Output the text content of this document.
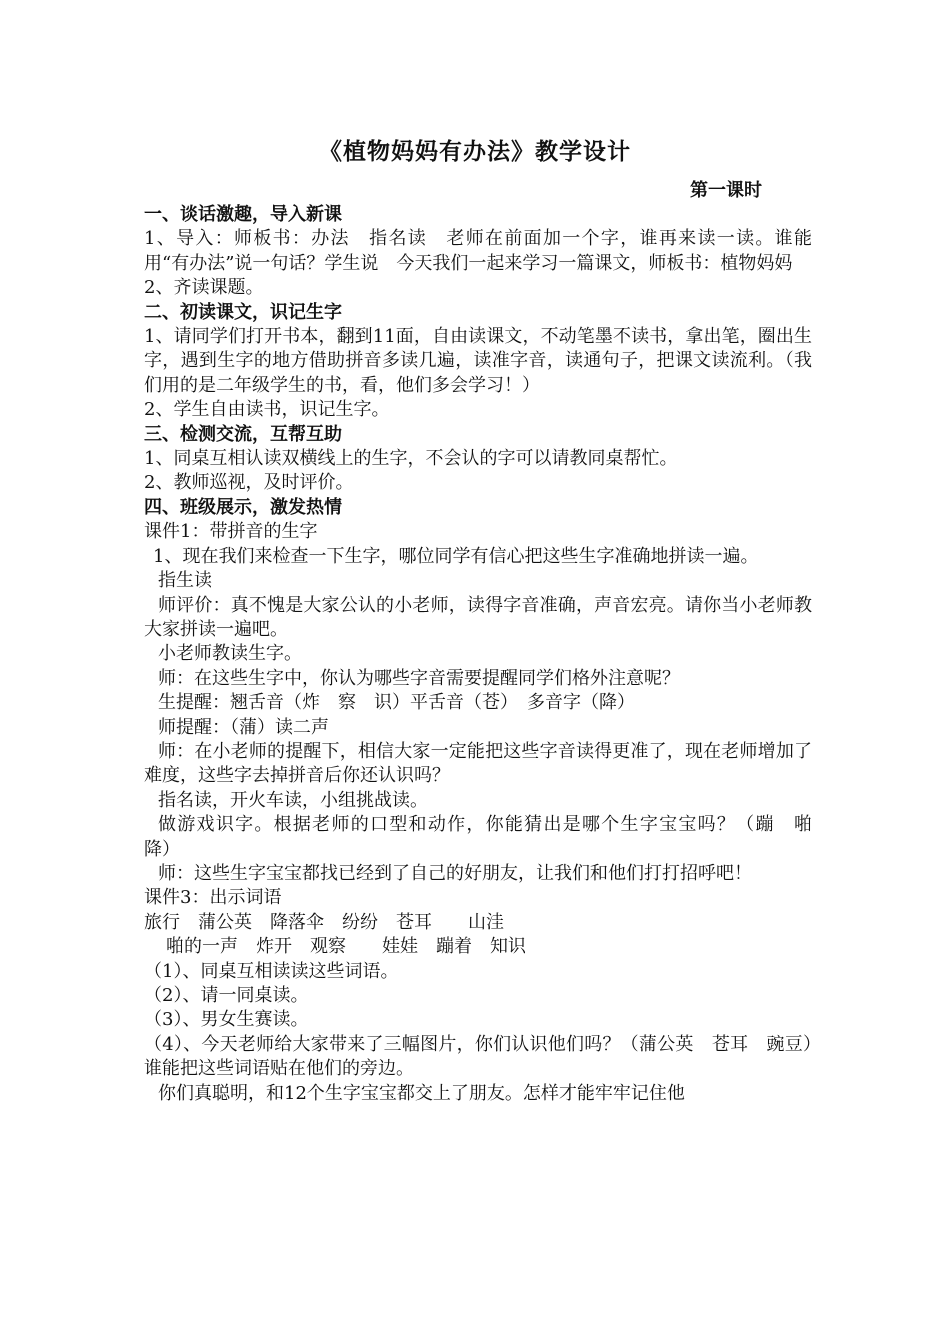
《植物妈妈有办法》教学设计
第一课时

一、谈话激趣，导入新课

1、导入：师板书：办法　指名读　老师在前面加一个字，谁再来读一读。谁能用“有办法”说一句话？学生说　今天我们一起来学习一篇课文，师板书：植物妈妈

2、齐读课题。

二、初读课文，识记生字

1、请同学们打开书本，翻到11面，自由读课文，不动笔墨不读书，拿出笔，圈出生字，遇到生字的地方借助拼音多读几遍，读准字音，读通句子，把课文读流利。（我们用的是二年级学生的书，看，他们多会学习！）

2、学生自由读书，识记生字。

三、检测交流，互帮互助

1、同桌互相认读双横线上的生字，不会认的字可以请教同桌帮忙。

2、教师巡视，及时评价。

四、班级展示，激发热情

课件1：带拼音的生字

1、现在我们来检查一下生字，哪位同学有信心把这些生字准确地拼读一遍。

指生读

师评价：真不愧是大家公认的小老师，读得字音准确，声音宏亮。请你当小老师教大家拼读一遍吧。

小老师教读生字。

师：在这些生字中，你认为哪些字音需要提醒同学们格外注意呢？

生提醒：翘舌音（炸　察　识）平舌音（苍）　多音字（降）

师提醒：（蒲）读二声

师：在小老师的提醒下，相信大家一定能把这些字音读得更准了，现在老师增加了难度，这些字去掉拼音后你还认识吗？

指名读，开火车读，小组挑战读。

做游戏识字。根据老师的口型和动作，你能猜出是哪个生字宝宝吗？（蹦　啪　降）

师：这些生字宝宝都找已经到了自己的好朋友，让我们和他们打打招呼吧！

课件3：出示词语

旅行　蒲公英　降落伞　纷纷　苍耳　　山洼

啪的一声　炸开　观察　　娃娃　蹦着　知识

（1）、同桌互相读读这些词语。

（2）、请一同桌读。

（3）、男女生赛读。

（4）、今天老师给大家带来了三幅图片，你们认识他们吗？（蒲公英　苍耳　豌豆）谁能把这些词语贴在他们的旁边。

你们真聪明，和12个生字宝宝都交上了朋友。怎样才能牢牢记住他
